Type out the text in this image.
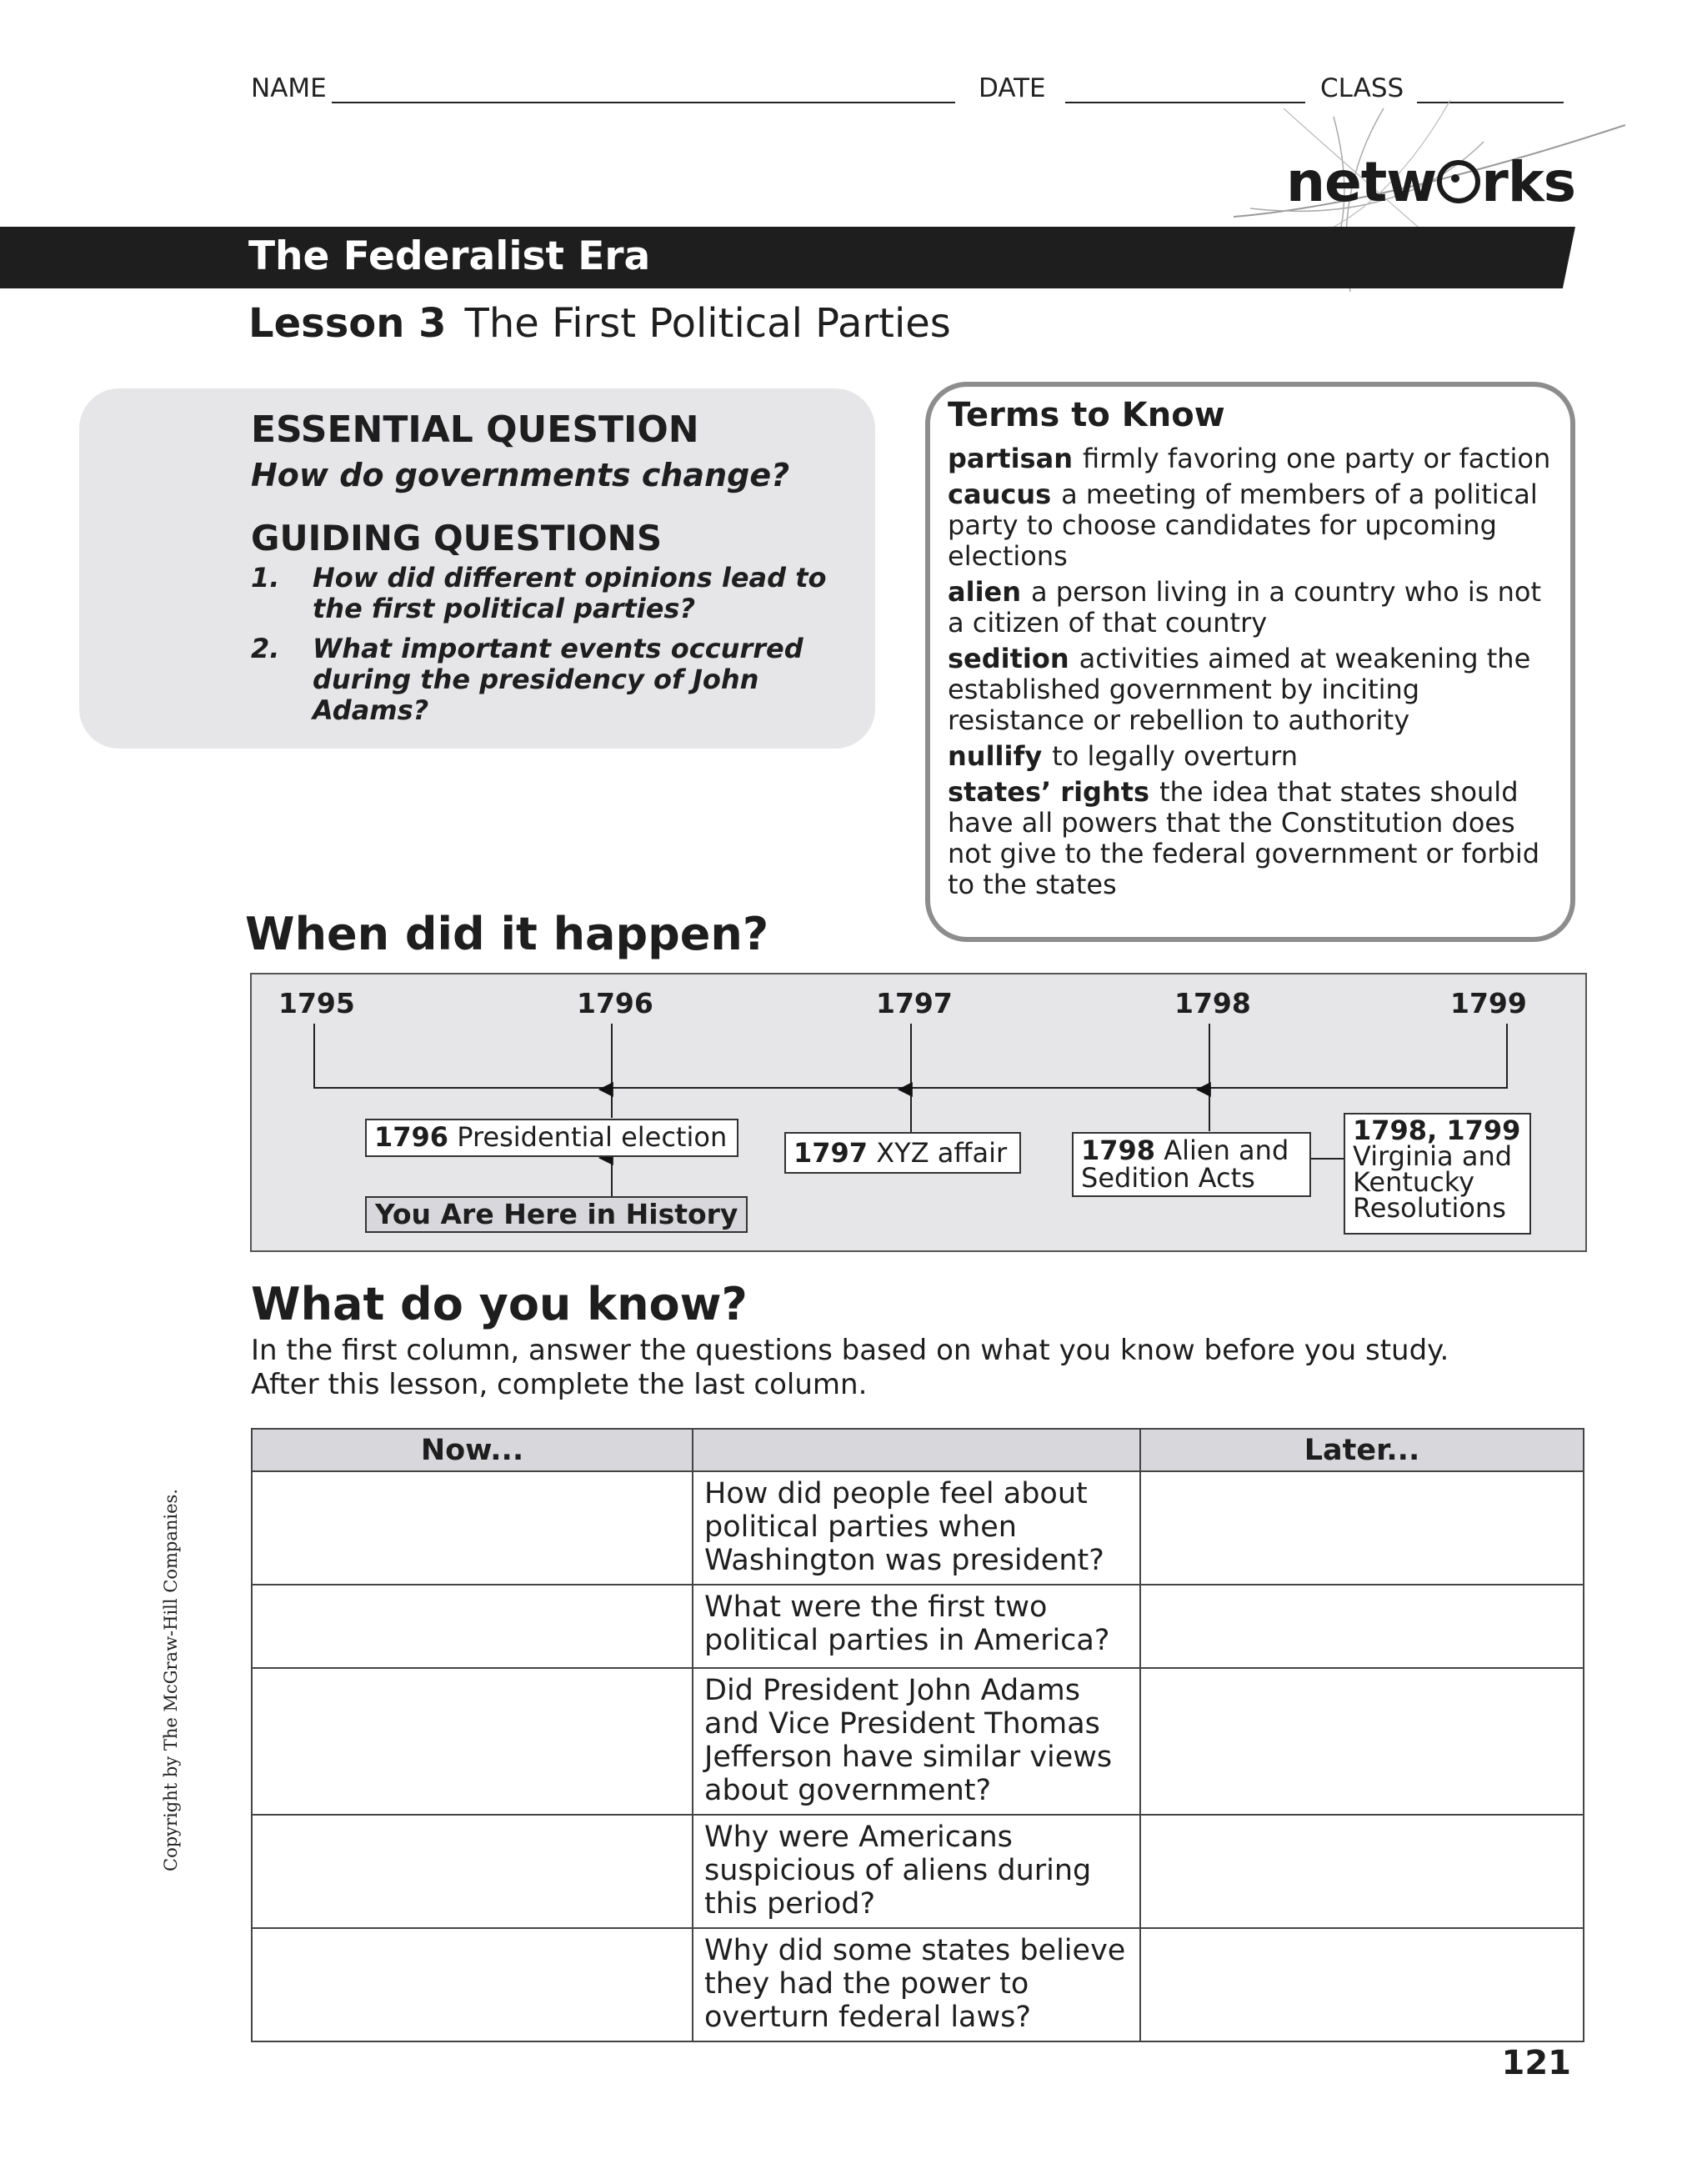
NAME	DATE	CLASS
netw rks
The Federalist Era
Lesson 3 The First Political Parties
ESSENTIAL QUESTION
How do governments change?
GUIDING QUESTIONS
1.	How did different opinions lead to the first political parties?
2.	What important events occurred during the presidency of John Adams?
Terms to Know
partisan firmly favoring one party or faction
caucus a meeting of members of a political party to choose candidates for upcoming elections
alien a person living in a country who is not a citizen of that country
sedition activities aimed at weakening the established government by inciting resistance or rebellion to authority
nullify to legally overturn
states’ rights the idea that states should have all powers that the Constitution does not give to the federal government or forbid to the states
When did it happen?
1795	1796	1797	1798	1799
1796 Presidential election	1797 XYZ affair	1798 Alien and Sedition Acts
1798, 1799
Virginia and Kentucky Resolutions
You Are Here in History
What do you know?
In the first column, answer the questions based on what you know before you study.
After this lesson, complete the last column.
Now...		Later...
	How did people feel about political parties when Washington was president?	
	What were the first two political parties in America?	
	Did President John Adams and Vice President Thomas Jefferson have similar views about government?	
	Why were Americans suspicious of aliens during this period?	
	Why did some states believe they had the power to overturn federal laws?	
Copyright by The McGraw-Hill Companies.
121
